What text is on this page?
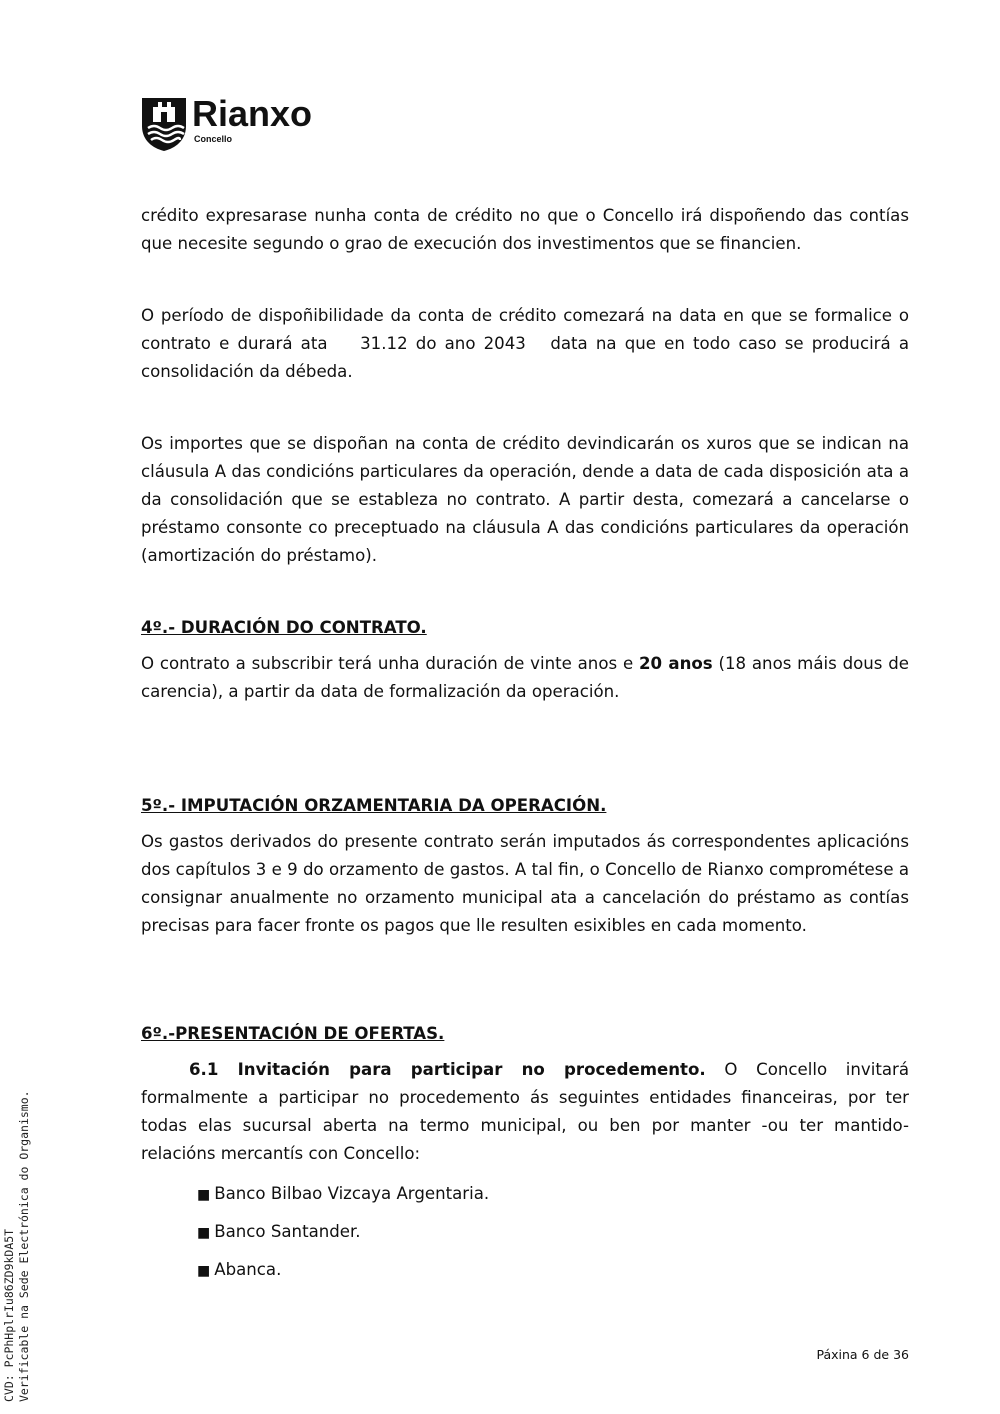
Rianxo
Concello

crédito expresarase nunha conta de crédito no que o Concello irá dispoñendo das contías que necesite segundo o grao de execución dos investimentos que se financien.

O período de dispoñibilidade da conta de crédito comezará na data en que se formalice o contrato e durará ata    31.12 do ano 2043   data na que en todo caso se producirá a consolidación da débeda.

Os importes que se dispoñan na conta de crédito devindicarán os xuros que se indican na cláusula A das condicións particulares da operación, dende a data de cada disposición ata a da consolidación que se estableza no contrato. A partir desta, comezará a cancelarse o préstamo consonte co preceptuado na cláusula A das condicións particulares da operación (amortización do préstamo).

4º.- DURACIÓN DO CONTRATO.

O contrato a subscribir terá unha duración de vinte anos e 20 anos (18 anos máis dous de carencia), a partir da data de formalización da operación.

5º.- IMPUTACIÓN ORZAMENTARIA DA OPERACIÓN.

Os gastos derivados do presente contrato serán imputados ás correspondentes aplicacións dos capítulos 3 e 9 do orzamento de gastos. A tal fin, o Concello de Rianxo comprométese a consignar anualmente no orzamento municipal ata a cancelación do préstamo as contías precisas para facer fronte os pagos que lle resulten esixibles en cada momento.

6º.-PRESENTACIÓN DE OFERTAS.

6.1 Invitación para participar no procedemento. O Concello invitará formalmente a participar no procedemento ás seguintes entidades financeiras, por ter todas elas sucursal aberta na termo municipal, ou ben por manter -ou ter mantido- relacións mercantís con Concello:

■ Banco Bilbao Vizcaya Argentaria.
■ Banco Santander.
■ Abanca.
Páxina 6 de 36
CVD: PcPhHplrIu86ZD9kDA5T Verificable na Sede Electrónica do Organismo.
